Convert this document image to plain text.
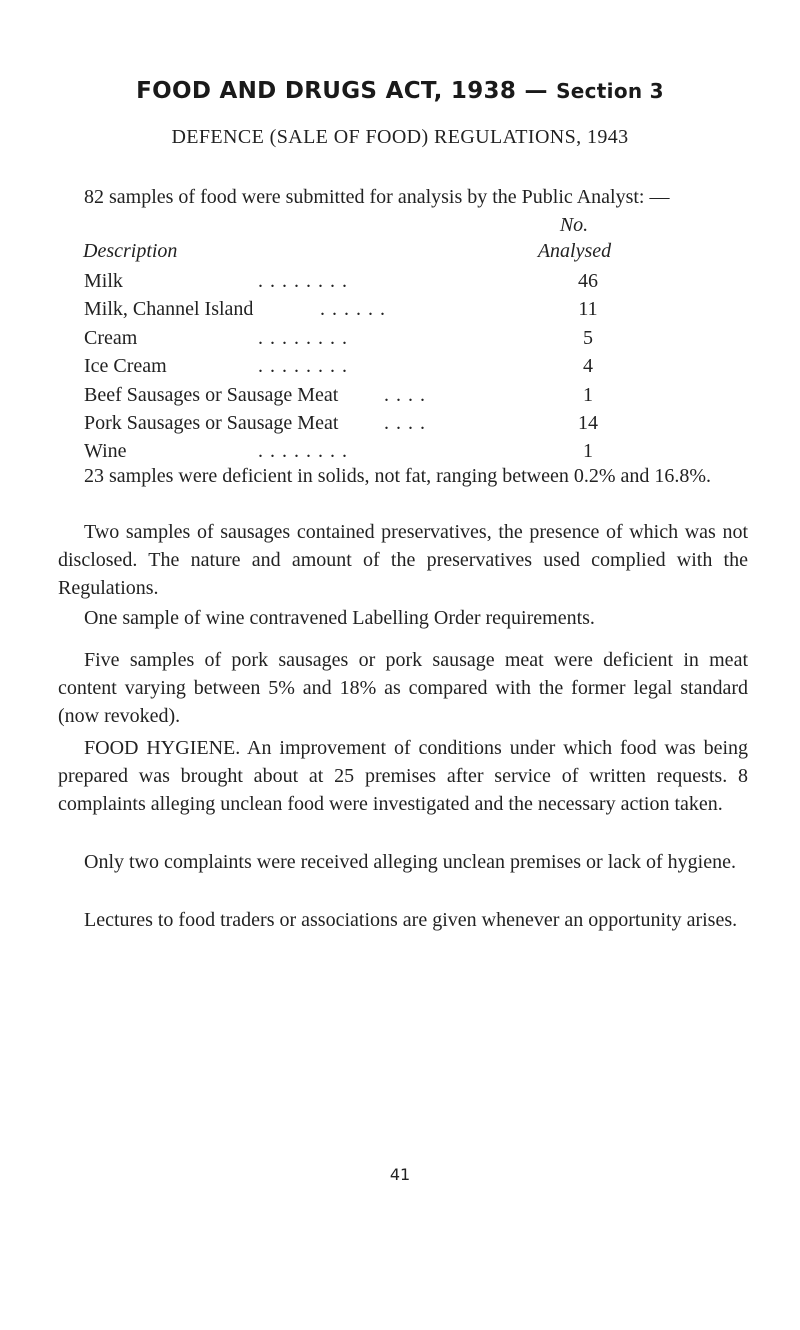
FOOD AND DRUGS ACT, 1938 — Section 3
DEFENCE (SALE OF FOOD) REGULATIONS, 1943
82 samples of food were submitted for analysis by the Public Analyst: —
No.
Description	Analysed
Milk	. . . . . . . .	46
Milk, Channel Island	. . . . . .	11
Cream	. . . . . . . .	5
Ice Cream	. . . . . . . .	4
Beef Sausages or Sausage Meat . . . .	1
Pork Sausages or Sausage Meat . . . .	14
Wine	. . . . . . . .	1
23 samples were deficient in solids, not fat, ranging between 0.2% and 16.8%.
Two samples of sausages contained preservatives, the presence of which was not disclosed. The nature and amount of the preservatives used complied with the Regulations.
One sample of wine contravened Labelling Order requirements.
Five samples of pork sausages or pork sausage meat were deficient in meat content varying between 5% and 18% as compared with the former legal standard (now revoked).
FOOD HYGIENE. An improvement of conditions under which food was being prepared was brought about at 25 premises after service of written requests. 8 complaints alleging unclean food were investigated and the necessary action taken.
Only two complaints were received alleging unclean premises or lack of hygiene.
Lectures to food traders or associations are given whenever an opportunity arises.
41
